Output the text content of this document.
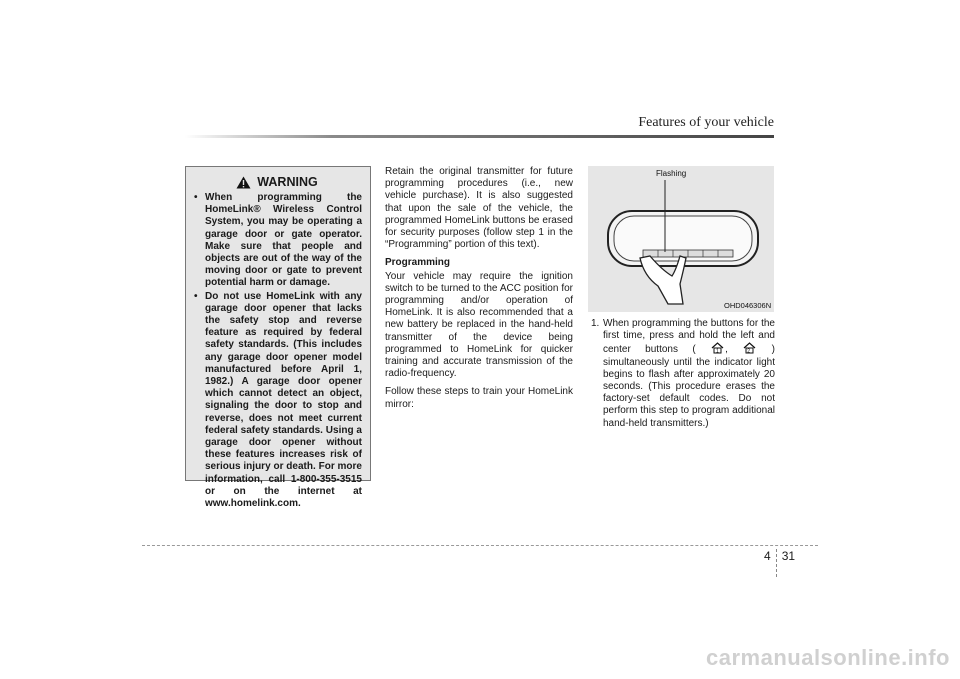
Features of your vehicle
WARNING
• When programming the HomeLink® Wireless Control System, you may be operating a garage door or gate operator. Make sure that people and objects are out of the way of the moving door or gate to prevent potential harm or damage.
• Do not use HomeLink with any garage door opener that lacks the safety stop and reverse feature as required by federal safety standards. (This includes any garage door opener model manufactured before April 1, 1982.) A garage door opener which cannot detect an object, signaling the door to stop and reverse, does not meet current federal safety standards. Using a garage door opener without these features increases risk of serious injury or death. For more information, call 1-800-355-3515 or on the internet at www.homelink.com.

Retain the original transmitter for future programming procedures (i.e., new vehicle purchase). It is also suggested that upon the sale of the vehicle, the programmed HomeLink buttons be erased for security purposes (follow step 1 in the “Programming” portion of this text).

Programming

Your vehicle may require the ignition switch to be turned to the ACC position for programming and/or operation of HomeLink. It is also recommended that a new battery be replaced in the hand-held transmitter of the device being programmed to HomeLink for quicker training and accurate transmission of the radio-frequency.

Follow these steps to train your HomeLink mirror:

Flashing
OHD046306N
1. When programming the buttons for the first time, press and hold the left and center buttons (	1 ,	2 ) simultaneously until the indicator light begins to flash after approximately 20 seconds. (This procedure erases the factory-set default codes. Do not perform this step to program additional hand-held transmitters.)
4 31
carmanualsonline.info
